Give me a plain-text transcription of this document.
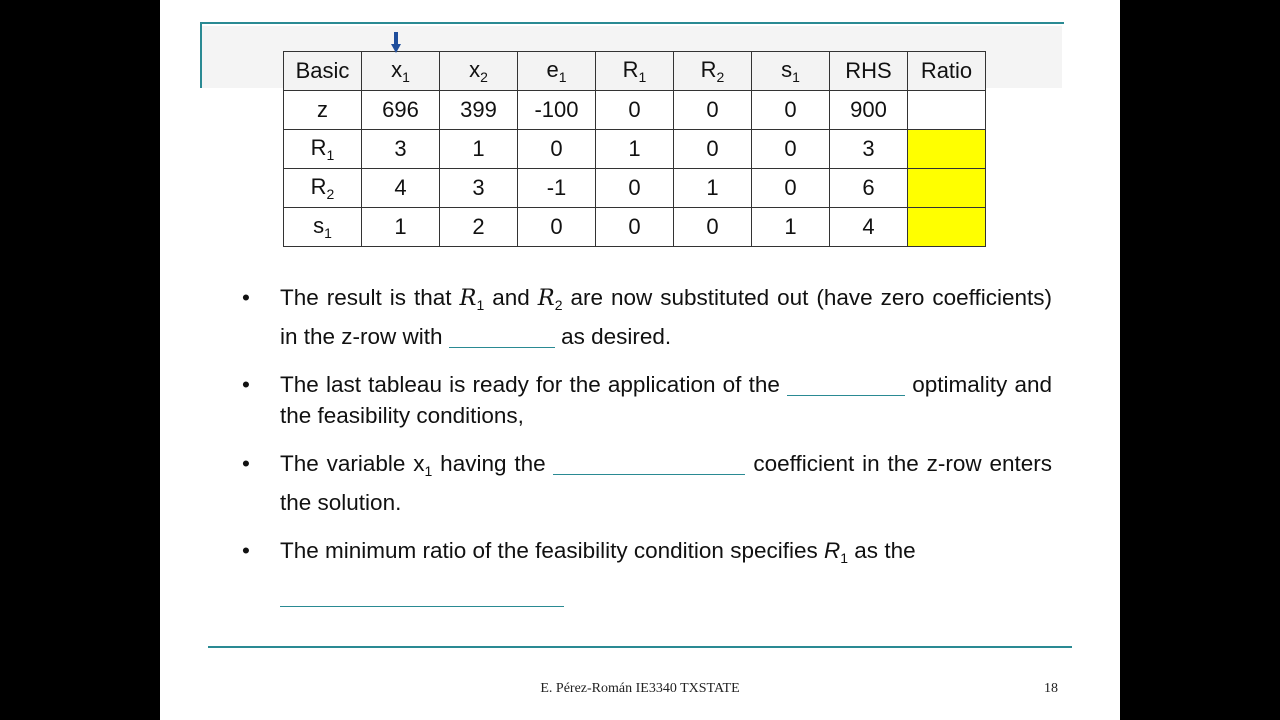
Basic	$x_1$	$x_2$	$e_1$	$R_1$	$R_2$	$s_1$	RHS	Ratio
z	696	399	-100	0	0	0	900	
$R_1$	3	1	0	1	0	0	3	
$R_2$	4	3	-1	0	1	0	6	
$s_1$	1	2	0	0	0	1	4	
• The result is that $R_1$ and $R_2$ are now substituted out (have zero coefficients) in the z-row with	as desired.
• The last tableau is ready for the application of the	optimality and the feasibility conditions,
• The variable $x_1$ having the	coefficient in the z-row enters the solution.
• The minimum ratio of the feasibility condition specifies $R_1$ as the

E. Pérez-Román IE3340 TXSTATE	18
